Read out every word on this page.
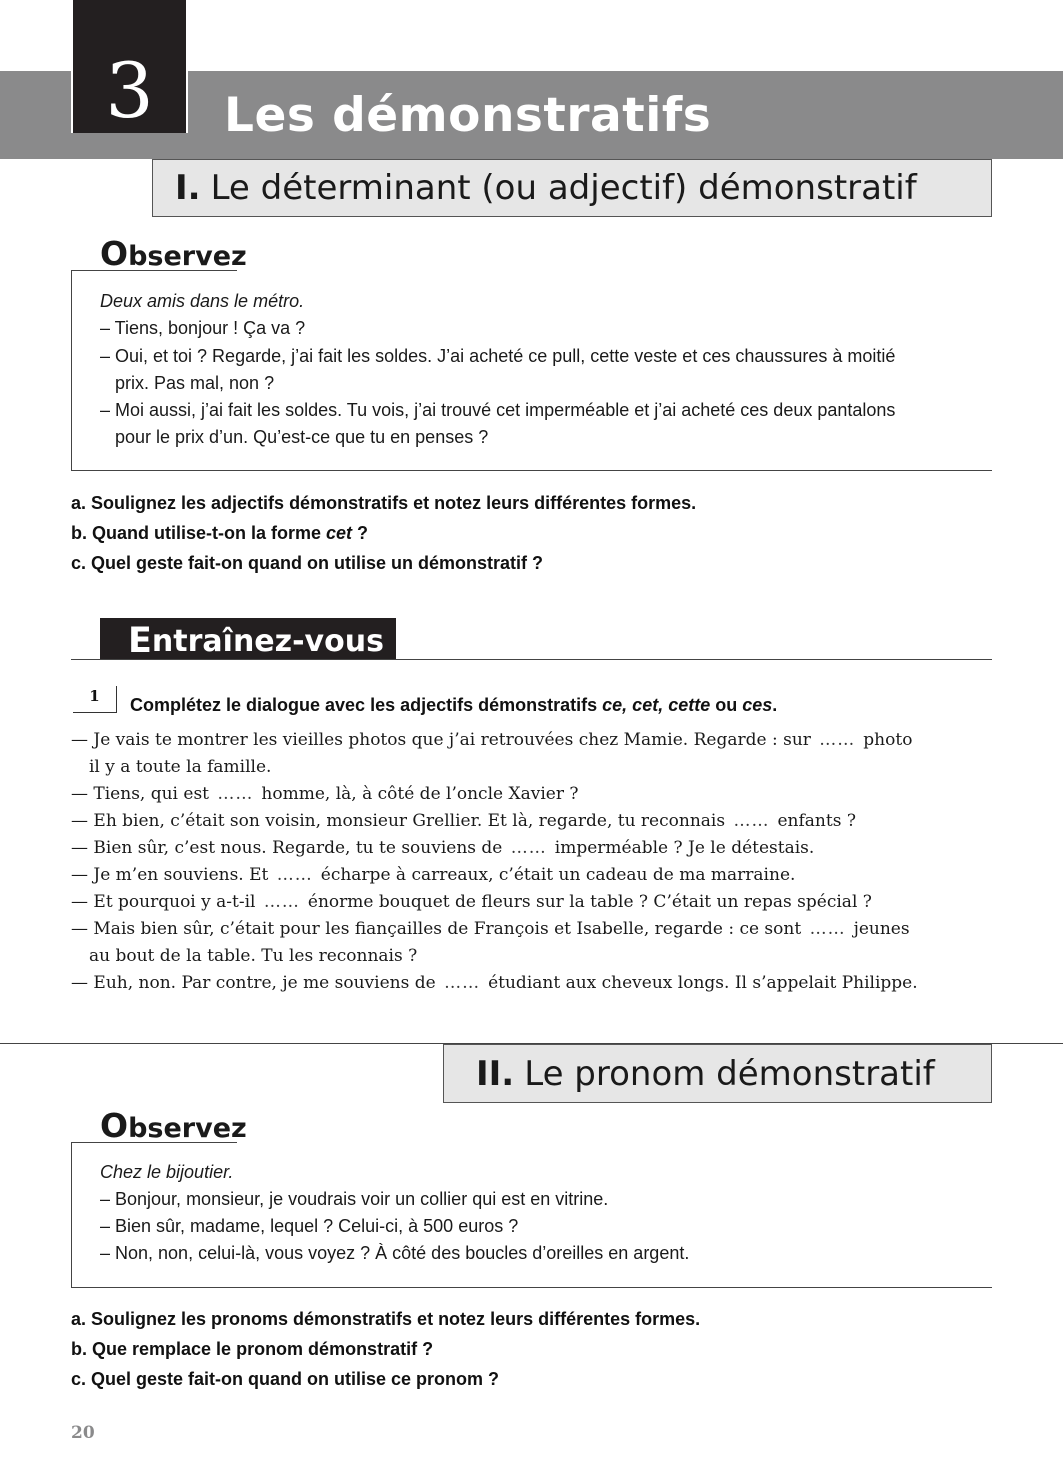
3	Les démonstratifs
I. Le déterminant (ou adjectif) démonstratif
Observez
Deux amis dans le métro.
– Tiens, bonjour ! Ça va ?
– Oui, et toi ? Regarde, j’ai fait les soldes. J’ai acheté ce pull, cette veste et ces chaussures à moitié
prix. Pas mal, non ?
– Moi aussi, j’ai fait les soldes. Tu vois, j’ai trouvé cet imperméable et j’ai acheté ces deux pantalons
pour le prix d’un. Qu’est-ce que tu en penses ?
a. Soulignez les adjectifs démonstratifs et notez leurs différentes formes.
b. Quand utilise-t-on la forme cet ?
c. Quel geste fait-on quand on utilise un démonstratif ?
E ntraînez-vous
1	Complétez le dialogue avec les adjectifs démonstratifs ce, cet, cette ou ces.
— Je vais te montrer les vieilles photos que j’ai retrouvées chez Mamie. Regarde : sur …… photo
il y a toute la famille.
— Tiens, qui est …… homme, là, à côté de l’oncle Xavier ?
— Eh bien, c’était son voisin, monsieur Grellier. Et là, regarde, tu reconnais …… enfants ?
— Bien sûr, c’est nous. Regarde, tu te souviens de …… imperméable ? Je le détestais.
— Je m’en souviens. Et …… écharpe à carreaux, c’était un cadeau de ma marraine.
— Et pourquoi y a-t-il …… énorme bouquet de fleurs sur la table ? C’était un repas spécial ?
— Mais bien sûr, c’était pour les fiançailles de François et Isabelle, regarde : ce sont …… jeunes
au bout de la table. Tu les reconnais ?
— Euh, non. Par contre, je me souviens de …… étudiant aux cheveux longs. Il s’appelait Philippe.
II. Le pronom démonstratif
Observez
Chez le bijoutier.
– Bonjour, monsieur, je voudrais voir un collier qui est en vitrine.
– Bien sûr, madame, lequel ? Celui-ci, à 500 euros ?
– Non, non, celui-là, vous voyez ? À côté des boucles d’oreilles en argent.
a. Soulignez les pronoms démonstratifs et notez leurs différentes formes.
b. Que remplace le pronom démonstratif ?
c. Quel geste fait-on quand on utilise ce pronom ?
20
